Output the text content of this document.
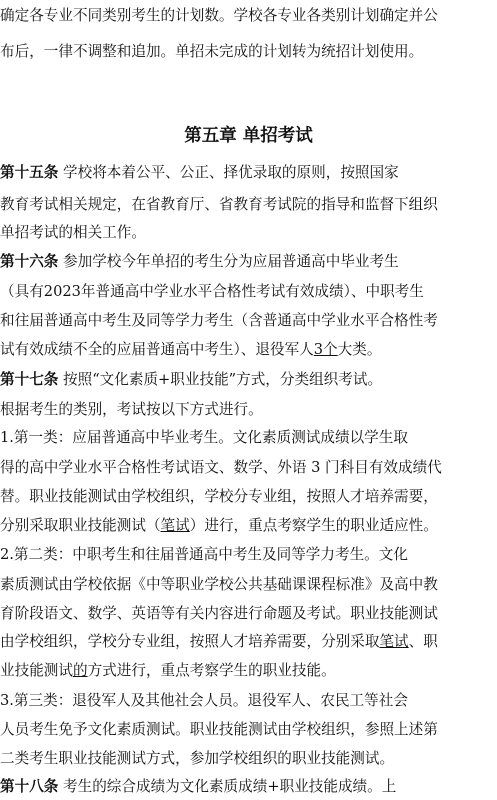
确定各专业不同类别考生的计划数。学校各专业各类别计划确定并公
布后，一律不调整和追加。单招未完成的计划转为统招计划使用。
第五章 单招考试
第十五条 学校将本着公平、公正、择优录取的原则，按照国家
教育考试相关规定，在省教育厅、省教育考试院的指导和监督下组织
单招考试的相关工作。
第十六条 参加学校今年单招的考生分为应届普通高中毕业考生
（具有2023年普通高中学业水平合格性考试有效成绩）、中职考生
和往届普通高中考生及同等学力考生（含普通高中学业水平合格性考
试有效成绩不全的应届普通高中考生）、退役军人3个大类。
第十七条 按照“文化素质+职业技能”方式，分类组织考试。
根据考生的类别，考试按以下方式进行。
1.第一类：应届普通高中毕业考生。文化素质测试成绩以学生取
得的高中学业水平合格性考试语文、数学、外语 3 门科目有效成绩代
替。职业技能测试由学校组织，学校分专业组，按照人才培养需要，
分别采取职业技能测试（笔试）进行，重点考察学生的职业适应性。
2.第二类：中职考生和往届普通高中考生及同等学力考生。文化
素质测试由学校依据《中等职业学校公共基础课课程标准》及高中教
育阶段语文、数学、英语等有关内容进行命题及考试。职业技能测试
由学校组织，学校分专业组，按照人才培养需要，分别采取笔试、职
业技能测试的方式进行，重点考察学生的职业技能。
3.第三类：退役军人及其他社会人员。退役军人、农民工等社会
人员考生免予文化素质测试。职业技能测试由学校组织，参照上述第
二类考生职业技能测试方式，参加学校组织的职业技能测试。
第十八条 考生的综合成绩为文化素质成绩+职业技能成绩。上
